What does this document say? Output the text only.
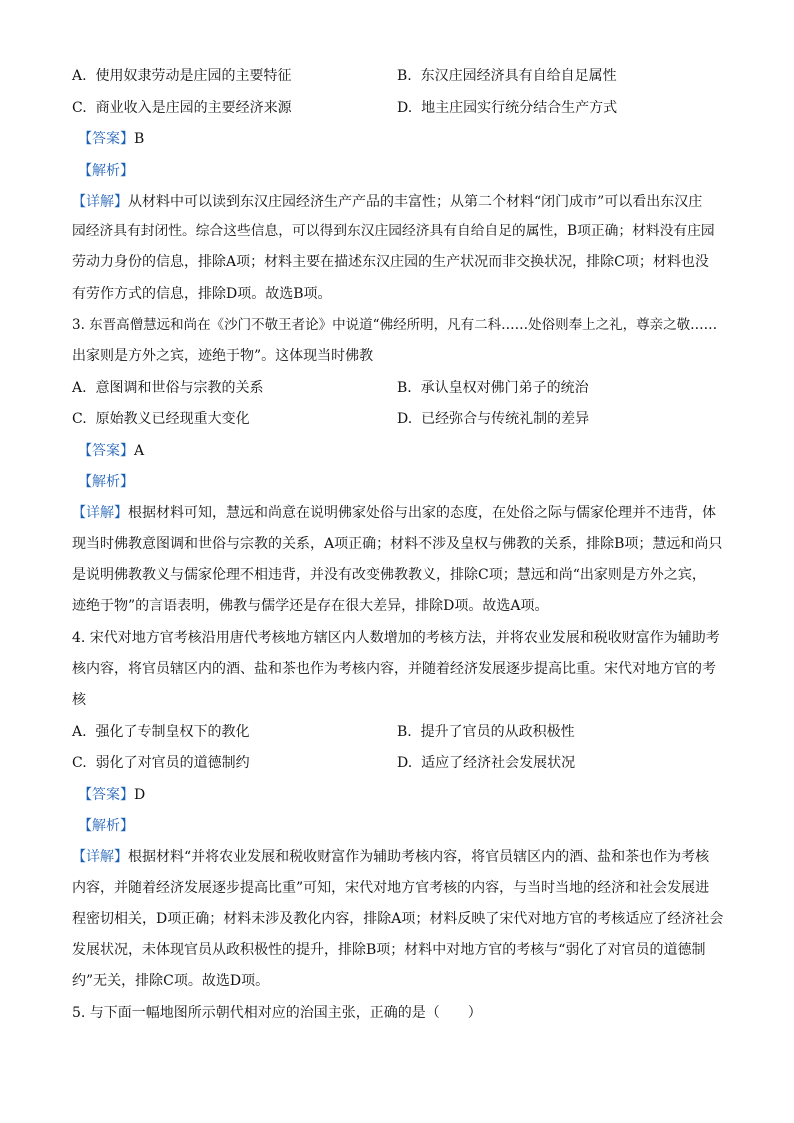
A. 使用奴隶劳动是庄园的主要特征	B. 东汉庄园经济具有自给自足属性
C. 商业收入是庄园的主要经济来源	D. 地主庄园实行统分结合生产方式
【答案】B
【解析】
【详解】从材料中可以读到东汉庄园经济生产产品的丰富性；从第二个材料“闭门成市”可以看出东汉庄
园经济具有封闭性。综合这些信息，可以得到东汉庄园经济具有自给自足的属性，B项正确；材料没有庄园
劳动力身份的信息，排除A项；材料主要在描述东汉庄园的生产状况而非交换状况，排除C项；材料也没
有劳作方式的信息，排除D项。故选B项。
3. 东晋高僧慧远和尚在《沙门不敬王者论》中说道“佛经所明，凡有二科……处俗则奉上之礼，尊亲之敬……
出家则是方外之宾，迹绝于物”。这体现当时佛教
A. 意图调和世俗与宗教的关系	B. 承认皇权对佛门弟子的统治
C. 原始教义已经现重大变化	D. 已经弥合与传统礼制的差异
【答案】A
【解析】
【详解】根据材料可知，慧远和尚意在说明佛家处俗与出家的态度，在处俗之际与儒家伦理并不违背，体
现当时佛教意图调和世俗与宗教的关系，A项正确；材料不涉及皇权与佛教的关系，排除B项；慧远和尚只
是说明佛教教义与儒家伦理不相违背，并没有改变佛教教义，排除C项；慧远和尚“出家则是方外之宾，
迹绝于物”的言语表明，佛教与儒学还是存在很大差异，排除D项。故选A项。
4. 宋代对地方官考核沿用唐代考核地方辖区内人数增加的考核方法，并将农业发展和税收财富作为辅助考
核内容，将官员辖区内的酒、盐和茶也作为考核内容，并随着经济发展逐步提高比重。宋代对地方官的考
核
A. 强化了专制皇权下的教化	B. 提升了官员的从政积极性
C. 弱化了对官员的道德制约	D. 适应了经济社会发展状况
【答案】D
【解析】
【详解】根据材料“并将农业发展和税收财富作为辅助考核内容，将官员辖区内的酒、盐和茶也作为考核
内容，并随着经济发展逐步提高比重”可知，宋代对地方官考核的内容，与当时当地的经济和社会发展进
程密切相关，D项正确；材料未涉及教化内容，排除A项；材料反映了宋代对地方官的考核适应了经济社会
发展状况，未体现官员从政积极性的提升，排除B项；材料中对地方官的考核与“弱化了对官员的道德制
约”无关，排除C项。故选D项。
5. 与下面一幅地图所示朝代相对应的治国主张，正确的是（　　）
